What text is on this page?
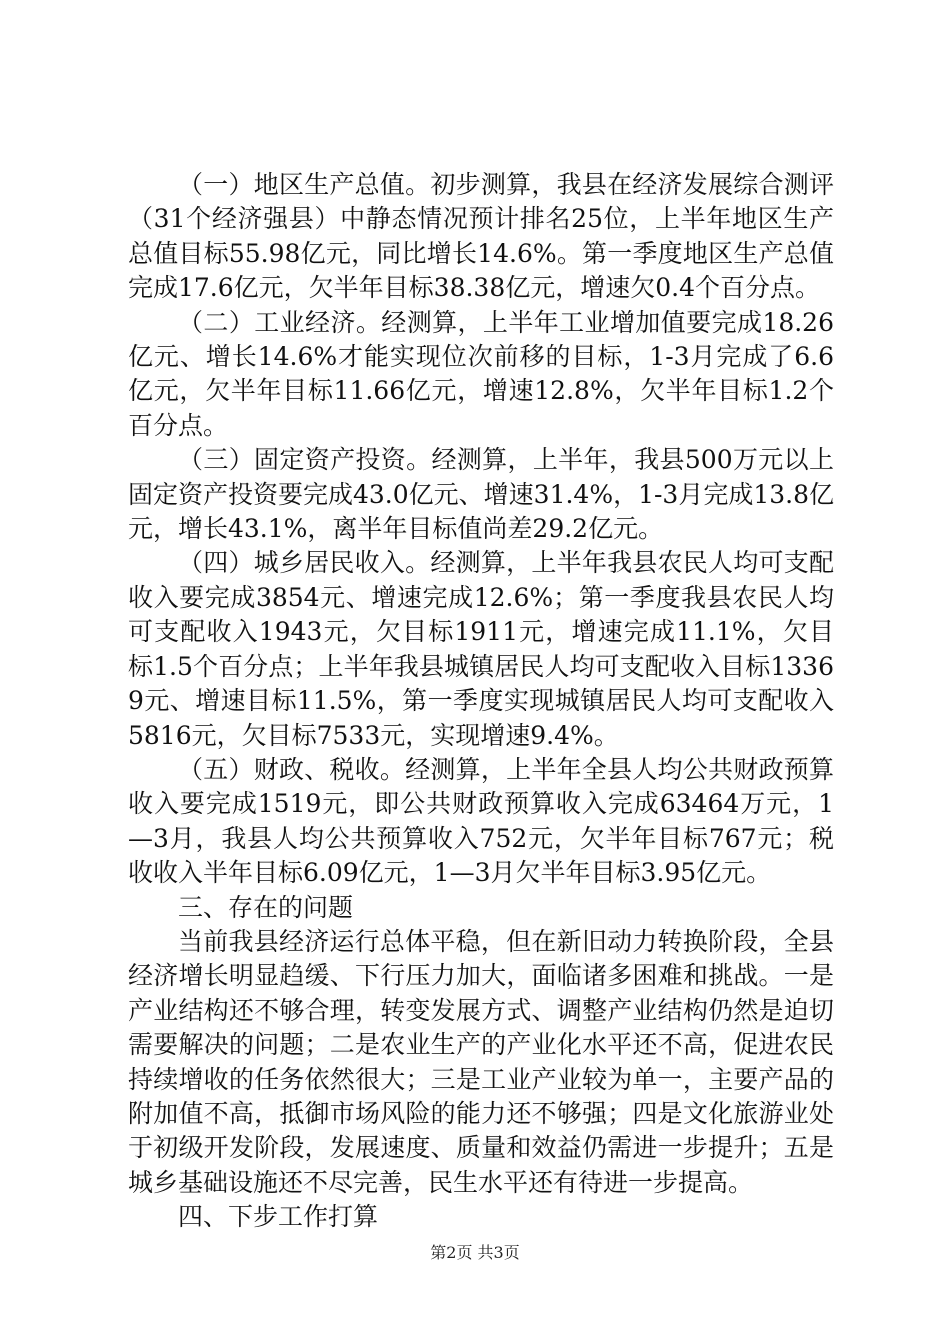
（一）地区生产总值。初步测算，我县在经济发展综合测评（31个经济强县）中静态情况预计排名25位，上半年地区生产总值目标55.98亿元，同比增长14.6%。第一季度地区生产总值完成17.6亿元，欠半年目标38.38亿元，增速欠0.4个百分点。

（二）工业经济。经测算，上半年工业增加值要完成18.26亿元、增长14.6%才能实现位次前移的目标，1-3月完成了6.6亿元，欠半年目标11.66亿元，增速12.8%，欠半年目标1.2个百分点。

（三）固定资产投资。经测算，上半年，我县500万元以上固定资产投资要完成43.0亿元、增速31.4%，1-3月完成13.8亿元，增长43.1%，离半年目标值尚差29.2亿元。

（四）城乡居民收入。经测算，上半年我县农民人均可支配收入要完成3854元、增速完成12.6%；第一季度我县农民人均可支配收入1943元，欠目标1911元，增速完成11.1%，欠目标1.5个百分点；上半年我县城镇居民人均可支配收入目标13369元、增速目标11.5%，第一季度实现城镇居民人均可支配收入5816元，欠目标7533元，实现增速9.4%。

（五）财政、税收。经测算，上半年全县人均公共财政预算收入要完成1519元，即公共财政预算收入完成63464万元，1—3月，我县人均公共预算收入752元，欠半年目标767元；税收收入半年目标6.09亿元，1—3月欠半年目标3.95亿元。

三、存在的问题

当前我县经济运行总体平稳，但在新旧动力转换阶段，全县经济增长明显趋缓、下行压力加大，面临诸多困难和挑战。一是产业结构还不够合理，转变发展方式、调整产业结构仍然是迫切需要解决的问题；二是农业生产的产业化水平还不高，促进农民持续增收的任务依然很大；三是工业产业较为单一，主要产品的附加值不高，抵御市场风险的能力还不够强；四是文化旅游业处于初级开发阶段，发展速度、质量和效益仍需进一步提升；五是城乡基础设施还不尽完善，民生水平还有待进一步提高。

四、下步工作打算

第2页 共3页
